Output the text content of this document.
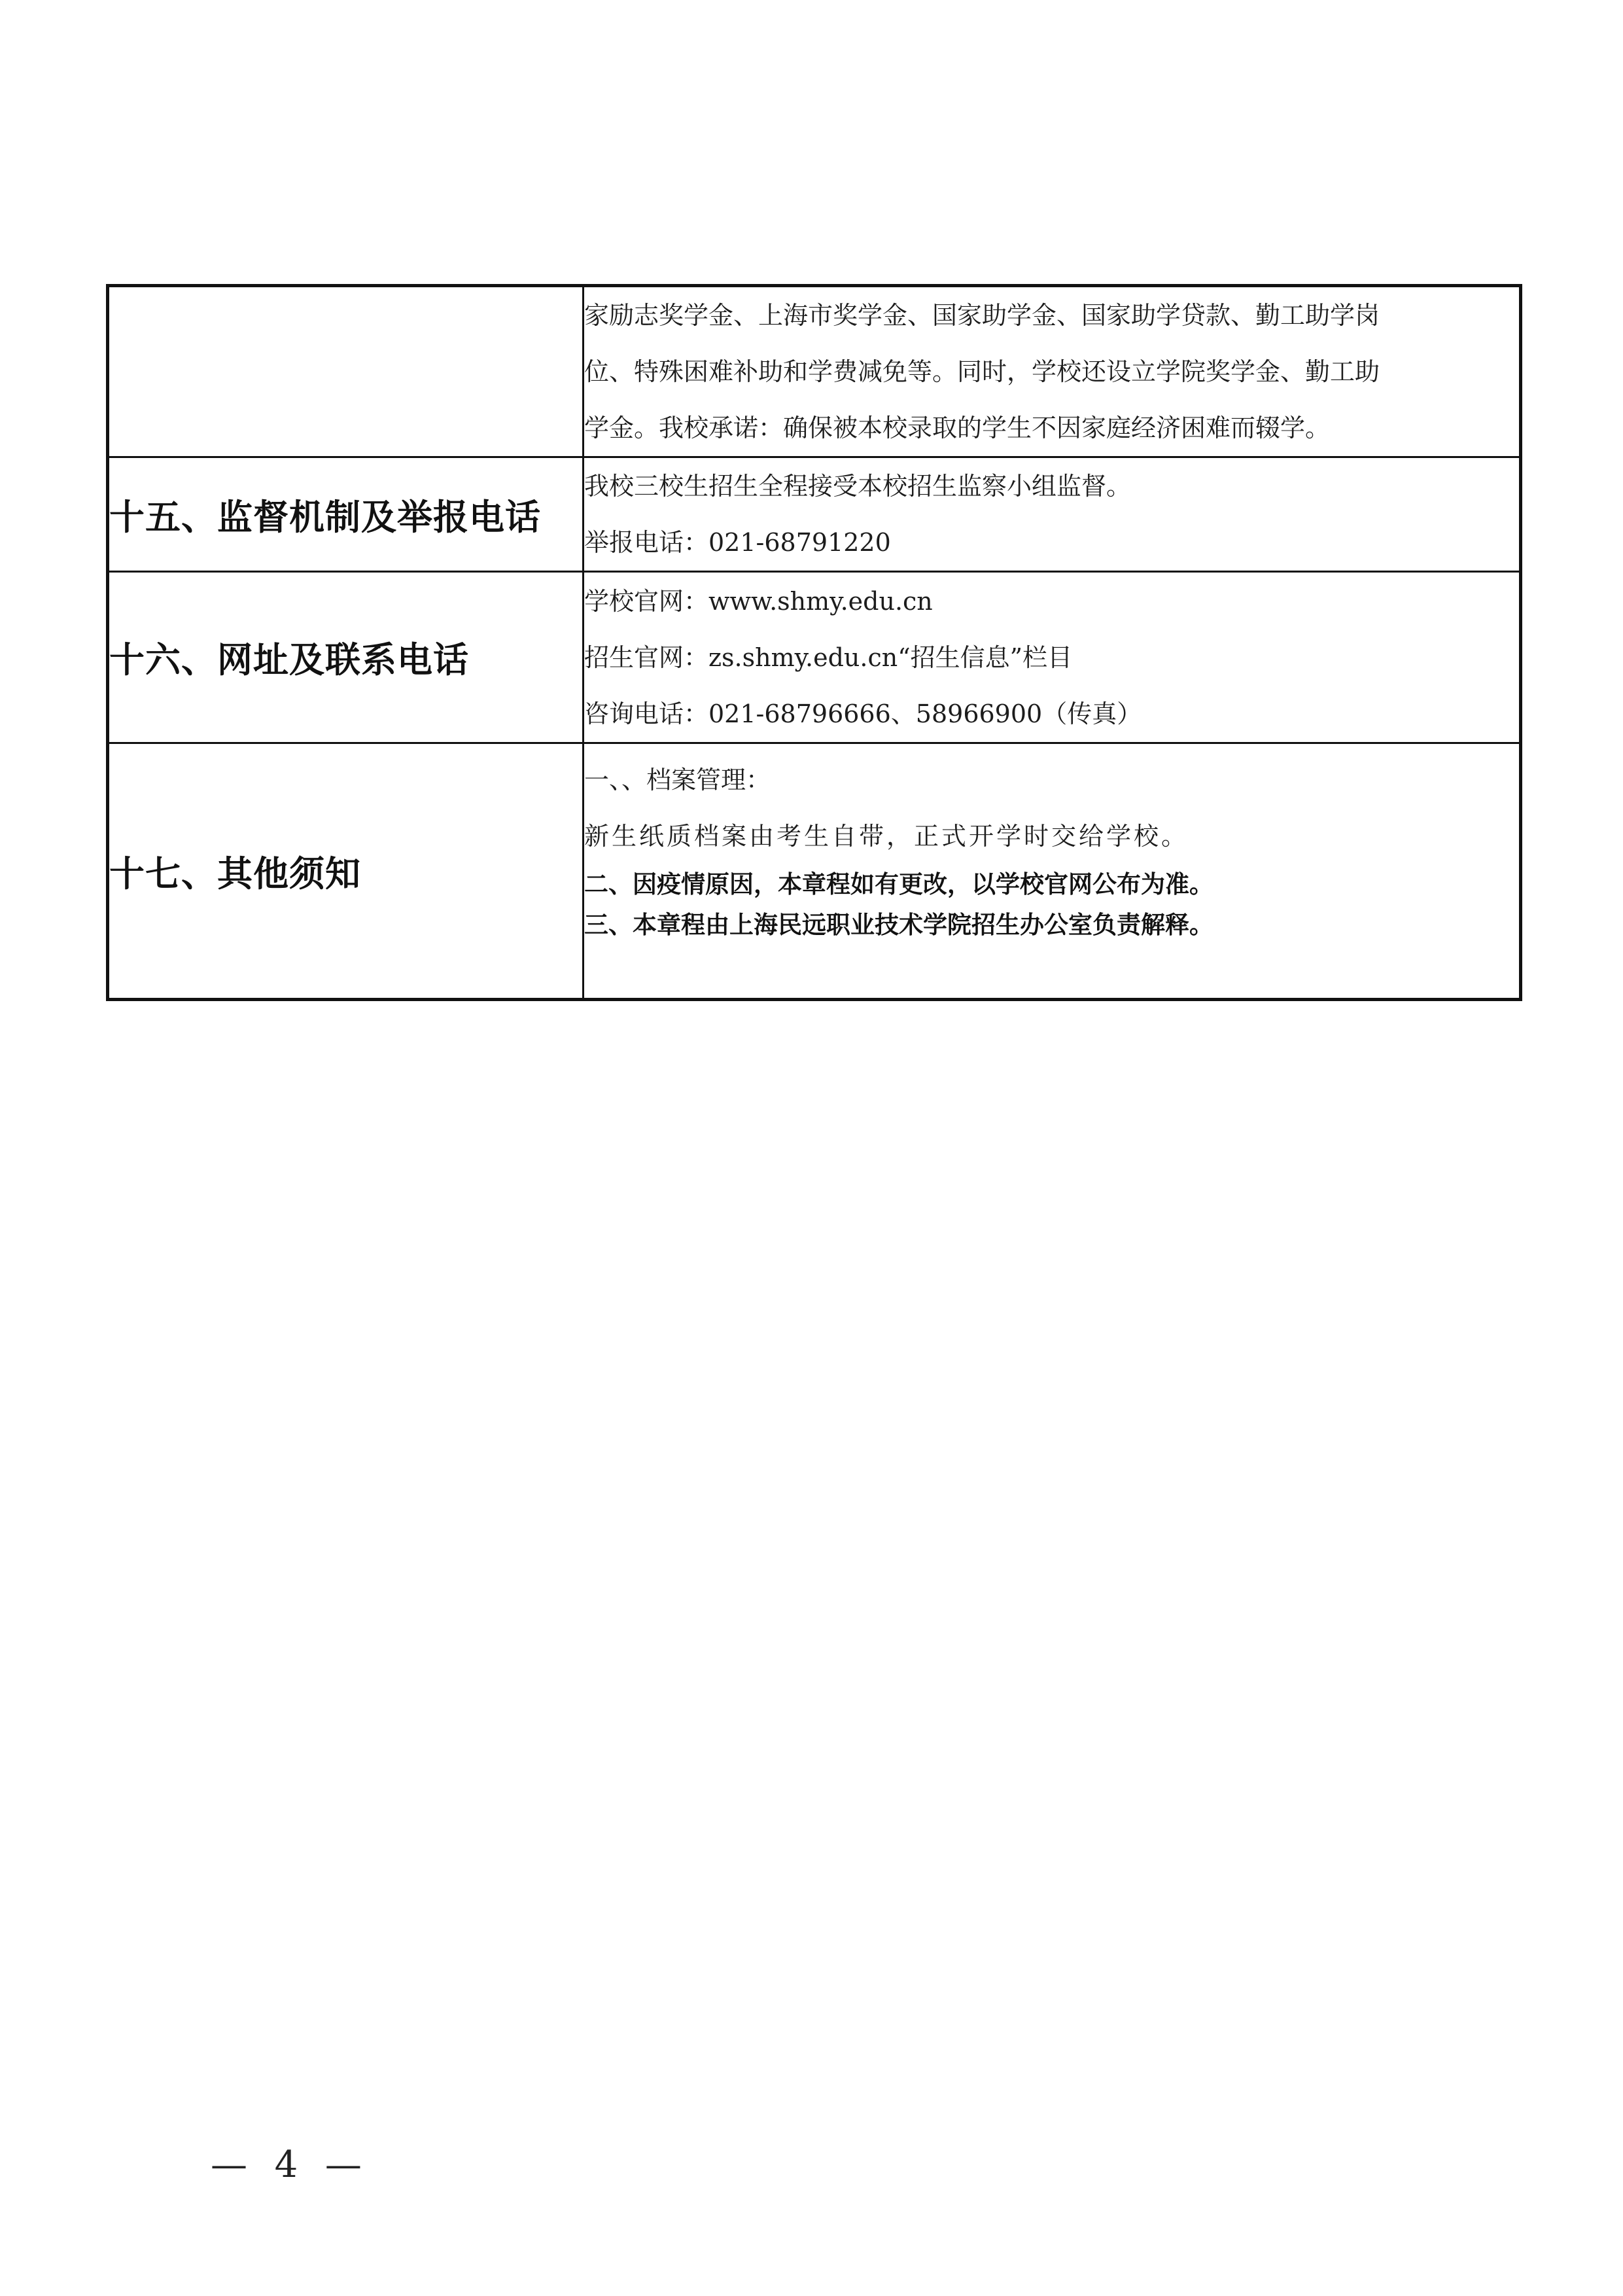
	家励志奖学金、上海市奖学金、国家助学金、国家助学贷款、勤工助学岗
位、特殊困难补助和学费减免等。同时，学校还设立学院奖学金、勤工助
学金。我校承诺：确保被本校录取的学生不因家庭经济困难而辍学。

十五、监督机制及举报电话	我校三校生招生全程接受本校招生监察小组监督。
举报电话：021-68791220

十六、网址及联系电话	学校官网：www.shmy.edu.cn
招生官网：zs.shmy.edu.cn“招生信息”栏目
咨询电话：021-68796666、58966900（传真）

十七、其他须知	一、、档案管理：
新生纸质档案由考生自带，正式开学时交给学校。
二、因疫情原因，本章程如有更改，以学校官网公布为准。
三、本章程由上海民远职业技术学院招生办公室负责解释。
—  4  —
